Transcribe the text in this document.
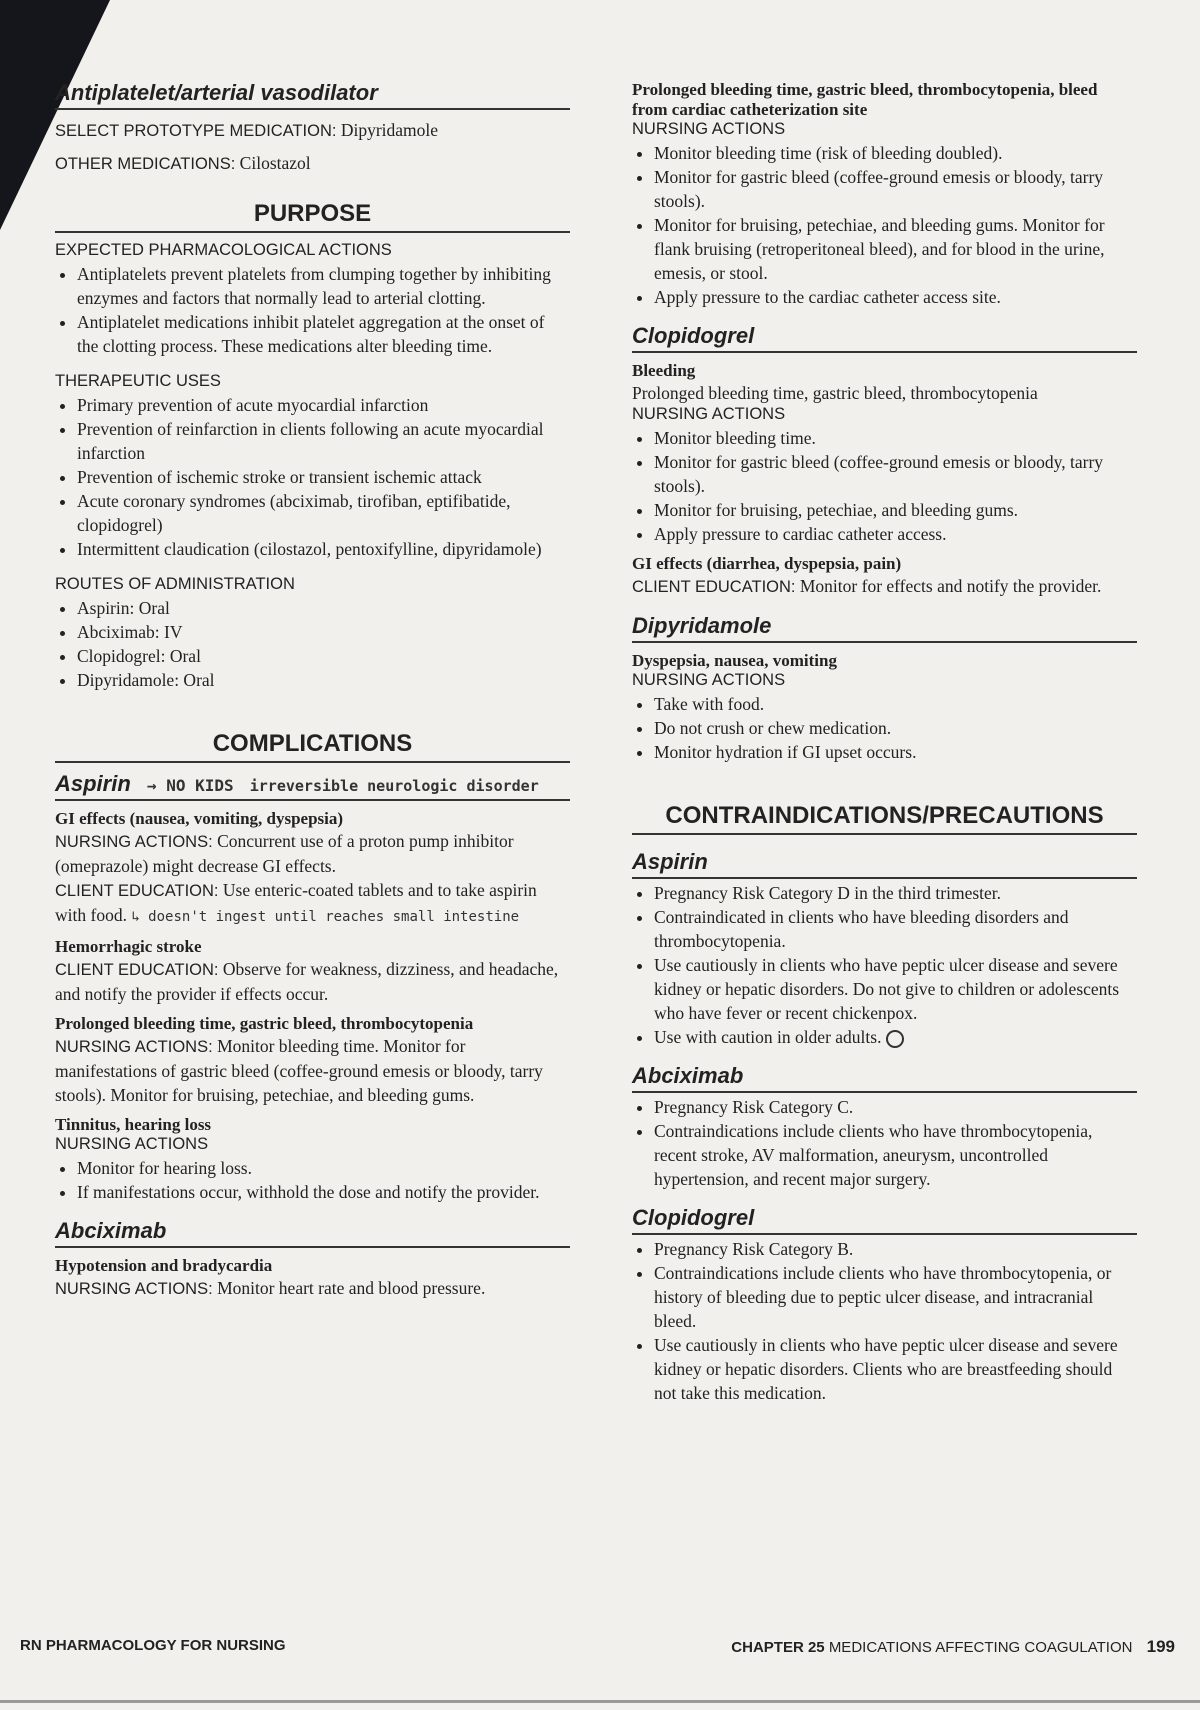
Antiplatelet/arterial vasodilator

SELECT PROTOTYPE MEDICATION: Dipyridamole

OTHER MEDICATIONS: Cilostazol

PURPOSE
EXPECTED PHARMACOLOGICAL ACTIONS
• Antiplatelets prevent platelets from clumping together by inhibiting enzymes and factors that normally lead to arterial clotting.
• Antiplatelet medications inhibit platelet aggregation at the onset of the clotting process. These medications alter bleeding time.
THERAPEUTIC USES
• Primary prevention of acute myocardial infarction
• Prevention of reinfarction in clients following an acute myocardial infarction
• Prevention of ischemic stroke or transient ischemic attack
• Acute coronary syndromes (abciximab, tirofiban, eptifibatide, clopidogrel)
• Intermittent claudication (cilostazol, pentoxifylline, dipyridamole)
ROUTES OF ADMINISTRATION
• Aspirin: Oral
• Abciximab: IV
• Clopidogrel: Oral
• Dipyridamole: Oral
COMPLICATIONS
Aspirin → NO KIDS irreversible neurologic disorder

GI effects (nausea, vomiting, dyspepsia)

NURSING ACTIONS: Concurrent use of a proton pump inhibitor (omeprazole) might decrease GI effects.

CLIENT EDUCATION: Use enteric-coated tablets and to take aspirin with food. ↳ doesn't ingest until reaches small intestine

Hemorrhagic stroke

CLIENT EDUCATION: Observe for weakness, dizziness, and headache, and notify the provider if effects occur.

Prolonged bleeding time, gastric bleed, thrombocytopenia

NURSING ACTIONS: Monitor bleeding time. Monitor for manifestations of gastric bleed (coffee-ground emesis or bloody, tarry stools). Monitor for bruising, petechiae, and bleeding gums.

Tinnitus, hearing loss

NURSING ACTIONS
• Monitor for hearing loss.
• If manifestations occur, withhold the dose and notify the provider.
Abciximab

Hypotension and bradycardia

NURSING ACTIONS: Monitor heart rate and blood pressure.

Prolonged bleeding time, gastric bleed, thrombocytopenia, bleed from cardiac catheterization site

NURSING ACTIONS
• Monitor bleeding time (risk of bleeding doubled).
• Monitor for gastric bleed (coffee-ground emesis or bloody, tarry stools).
• Monitor for bruising, petechiae, and bleeding gums. Monitor for flank bruising (retroperitoneal bleed), and for blood in the urine, emesis, or stool.
• Apply pressure to the cardiac catheter access site.
Clopidogrel

Bleeding

Prolonged bleeding time, gastric bleed, thrombocytopenia

NURSING ACTIONS
• Monitor bleeding time.
• Monitor for gastric bleed (coffee-ground emesis or bloody, tarry stools).
• Monitor for bruising, petechiae, and bleeding gums.
• Apply pressure to cardiac catheter access.

GI effects (diarrhea, dyspepsia, pain)

CLIENT EDUCATION: Monitor for effects and notify the provider.

Dipyridamole

Dyspepsia, nausea, vomiting

NURSING ACTIONS
• Take with food.
• Do not crush or chew medication.
• Monitor hydration if GI upset occurs.
CONTRAINDICATIONS/PRECAUTIONS
Aspirin
• Pregnancy Risk Category D in the third trimester.
• Contraindicated in clients who have bleeding disorders and thrombocytopenia.
• Use cautiously in clients who have peptic ulcer disease and severe kidney or hepatic disorders. Do not give to children or adolescents who have fever or recent chickenpox.
• Use with caution in older adults.
Abciximab
• Pregnancy Risk Category C.
• Contraindications include clients who have thrombocytopenia, recent stroke, AV malformation, aneurysm, uncontrolled hypertension, and recent major surgery.
Clopidogrel
• Pregnancy Risk Category B.
• Contraindications include clients who have thrombocytopenia, or history of bleeding due to peptic ulcer disease, and intracranial bleed.
• Use cautiously in clients who have peptic ulcer disease and severe kidney or hepatic disorders. Clients who are breastfeeding should not take this medication.
RN PHARMACOLOGY FOR NURSING	CHAPTER 25 MEDICATIONS AFFECTING COAGULATION 199
